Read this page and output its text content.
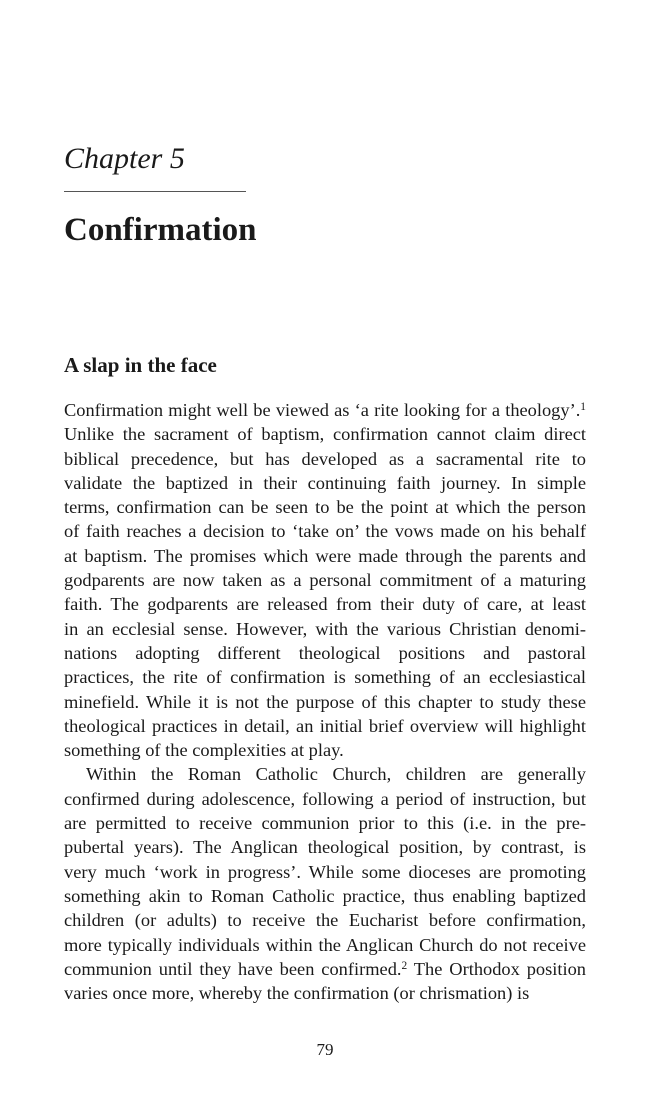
Chapter 5
Confirmation
A slap in the face
Confirmation might well be viewed as ‘a rite looking for a theology’.$^1$
Unlike the sacrament of baptism, confirmation cannot claim direct
biblical precedence, but has developed as a sacramental rite to
validate the baptized in their continuing faith journey. In simple
terms, confirmation can be seen to be the point at which the person
of faith reaches a decision to ‘take on’ the vows made on his behalf
at baptism. The promises which were made through the parents and
godparents are now taken as a personal commitment of a maturing
faith. The godparents are released from their duty of care, at least
in an ecclesial sense. However, with the various Christian denomi-
nations adopting different theological positions and pastoral
practices, the rite of confirmation is something of an ecclesiastical
minefield. While it is not the purpose of this chapter to study these
theological practices in detail, an initial brief overview will highlight
something of the complexities at play.
Within the Roman Catholic Church, children are generally
confirmed during adolescence, following a period of instruction, but
are permitted to receive communion prior to this (i.e. in the pre-
pubertal years). The Anglican theological position, by contrast, is
very much ‘work in progress’. While some dioceses are promoting
something akin to Roman Catholic practice, thus enabling baptized
children (or adults) to receive the Eucharist before confirmation,
more typically individuals within the Anglican Church do not receive
communion until they have been confirmed.$^2$ The Orthodox position
varies once more, whereby the confirmation (or chrismation) is

79
